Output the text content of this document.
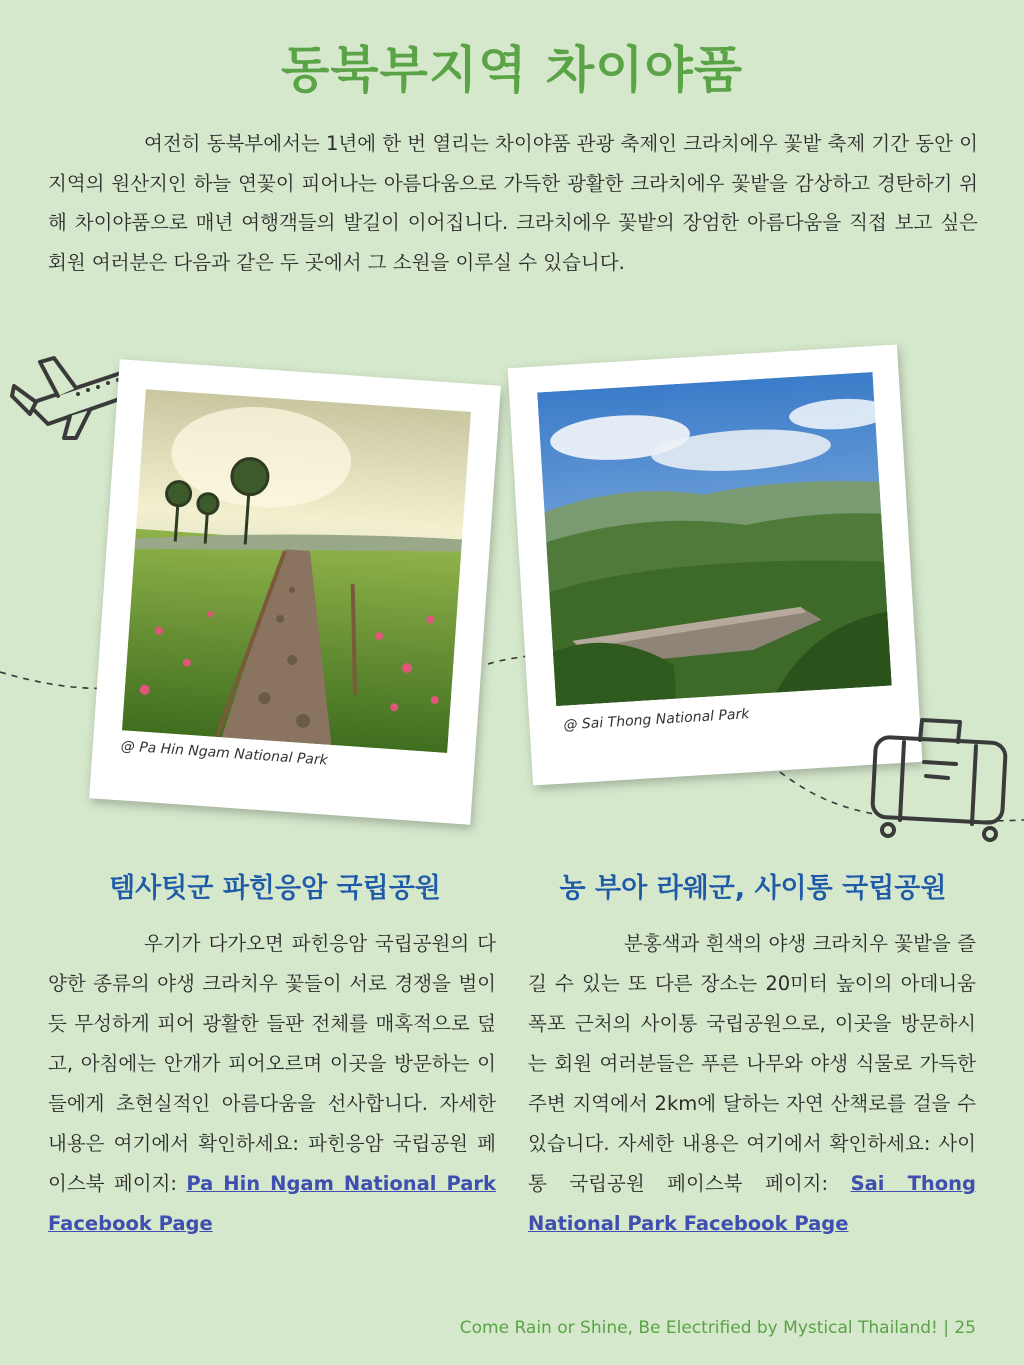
동북부지역 차이야품
여전히 동북부에서는 1년에 한 번 열리는 차이야품 관광 축제인 크라치에우 꽃밭 축제 기간 동안 이 지역의 원산지인 하늘 연꽃이 피어나는 아름다움으로 가득한 광활한 크라치에우 꽃밭을 감상하고 경탄하기 위해 차이야품으로 매년 여행객들의 발길이 이어집니다. 크라치에우 꽃밭의 장엄한 아름다움을 직접 보고 싶은 회원 여러분은 다음과 같은 두 곳에서 그 소원을 이루실 수 있습니다.
@ Pa Hin Ngam National Park
@ Sai Thong National Park
템사팃군 파힌응암 국립공원	농 부아 라웨군, 사이통 국립공원
우기가 다가오면 파힌응암 국립공원의 다양한 종류의 야생 크라치우 꽃들이 서로 경쟁을 벌이듯 무성하게 피어 광활한 들판 전체를 매혹적으로 덮고, 아침에는 안개가 피어오르며 이곳을 방문하는 이들에게 초현실적인 아름다움을 선사합니다. 자세한 내용은 여기에서 확인하세요: 파힌응암 국립공원 페이스북 페이지: Pa Hin Ngam National Park Facebook Page
분홍색과 흰색의 야생 크라치우 꽃밭을 즐길 수 있는 또 다른 장소는 20미터 높이의 아데니움 폭포 근처의 사이통 국립공원으로, 이곳을 방문하시는 회원 여러분들은 푸른 나무와 야생 식물로 가득한 주변 지역에서 2km에 달하는 자연 산책로를 걸을 수 있습니다. 자세한 내용은 여기에서 확인하세요: 사이통 국립공원 페이스북 페이지: Sai Thong National Park Facebook Page
Come Rain or Shine, Be Electrified by Mystical Thailand! | 25
